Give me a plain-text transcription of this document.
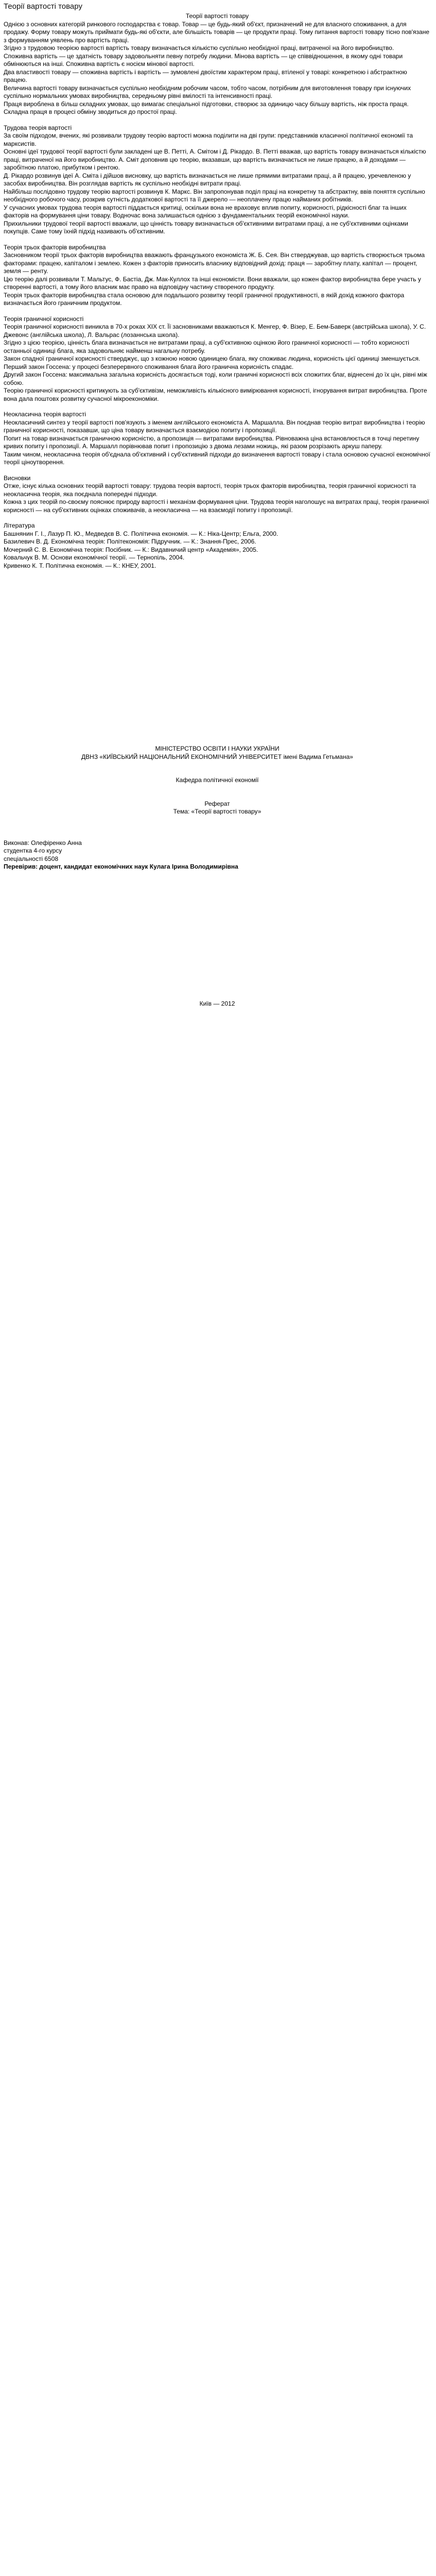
Теорії вартості товару

Теорії вартості товару

Однією з основних категорій ринкового господарства є товар. Товар — це будь-який об'єкт, призначений не для власного споживання, а для продажу. Форму товару можуть приймати будь-які об'єкти, але більшість товарів — це продукти праці. Тому питання вартості товару тісно пов'язане з формуванням уявлень про вартість праці.

Згідно з трудовою теорією вартості вартість товару визначається кількістю суспільно необхідної праці, витраченої на його виробництво.

Споживна вартість — це здатність товару задовольняти певну потребу людини. Мінова вартість — це співвідношення, в якому одні товари обмінюються на інші. Споживна вартість є носієм мінової вартості.

Два властивості товару — споживна вартість і вартість — зумовлені двоїстим характером праці, втіленої у товарі: конкретною і абстрактною працею.

Величина вартості товару визначається суспільно необхідним робочим часом, тобто часом, потрібним для виготовлення товару при існуючих суспільно нормальних умовах виробництва, середньому рівні вмілості та інтенсивності праці.

Праця вироблена в більш складних умовах, що вимагає спеціальної підготовки, створює за одиницю часу більшу вартість, ніж проста праця. Складна праця в процесі обміну зводиться до простої праці.

Трудова теорія вартості

За своїм підходом, вчених, які розвивали трудову теорію вартості можна поділити на дві групи: представників класичної політичної економії та марксистів.

Основні ідеї трудової теорії вартості були закладені ще В. Петті, А. Смітом і Д. Рікардо. В. Петті вважав, що вартість товару визначається кількістю праці, витраченої на його виробництво. А. Сміт доповнив цю теорію, вказавши, що вартість визначається не лише працею, а й доходами — заробітною платою, прибутком і рентою.

Д. Рікардо розвинув ідеї А. Сміта і дійшов висновку, що вартість визначається не лише прямими витратами праці, а й працею, уречевленою у засобах виробництва. Він розглядав вартість як суспільно необхідні витрати праці.

Найбільш послідовно трудову теорію вартості розвинув К. Маркс. Він запропонував поділ праці на конкретну та абстрактну, ввів поняття суспільно необхідного робочого часу, розкрив сутність додаткової вартості та її джерело — неоплачену працю найманих робітників.

У сучасних умовах трудова теорія вартості піддається критиці, оскільки вона не враховує вплив попиту, корисності, рідкісності благ та інших факторів на формування ціни товару. Водночас вона залишається однією з фундаментальних теорій економічної науки.

Прихильники трудової теорії вартості вважали, що цінність товару визначається об'єктивними витратами праці, а не суб'єктивними оцінками покупців. Саме тому їхній підхід називають об'єктивним.

Теорія трьох факторів виробництва

Засновником теорії трьох факторів виробництва вважають французького економіста Ж. Б. Сея. Він стверджував, що вартість створюється трьома факторами: працею, капіталом і землею. Кожен з факторів приносить власнику відповідний дохід: праця — заробітну плату, капітал — процент, земля — ренту.

Цю теорію далі розвивали Т. Мальтус, Ф. Бастіа, Дж. Мак-Куллох та інші економісти. Вони вважали, що кожен фактор виробництва бере участь у створенні вартості, а тому його власник має право на відповідну частину створеного продукту.

Теорія трьох факторів виробництва стала основою для подальшого розвитку теорії граничної продуктивності, в якій дохід кожного фактора визначається його граничним продуктом.

Теорія граничної корисності

Теорія граничної корисності виникла в 70-х роках XIX ст. Її засновниками вважаються К. Менгер, Ф. Візер, Е. Бем-Баверк (австрійська школа), У. С. Джевонс (англійська школа), Л. Вальрас (лозаннська школа).

Згідно з цією теорією, цінність блага визначається не витратами праці, а суб'єктивною оцінкою його граничної корисності — тобто корисності останньої одиниці блага, яка задовольняє найменш нагальну потребу.

Закон спадної граничної корисності стверджує, що з кожною новою одиницею блага, яку споживає людина, корисність цієї одиниці зменшується. Перший закон Госсена: у процесі безперервного споживання блага його гранична корисність спадає.

Другий закон Госсена: максимальна загальна корисність досягається тоді, коли граничні корисності всіх спожитих благ, віднесені до їх цін, рівні між собою.

Теорію граничної корисності критикують за суб'єктивізм, неможливість кількісного вимірювання корисності, ігнорування витрат виробництва. Проте вона дала поштовх розвитку сучасної мікроекономіки.

Неокласична теорія вартості

Неокласичний синтез у теорії вартості пов'язують з іменем англійського економіста А. Маршалла. Він поєднав теорію витрат виробництва і теорію граничної корисності, показавши, що ціна товару визначається взаємодією попиту і пропозиції.

Попит на товар визначається граничною корисністю, а пропозиція — витратами виробництва. Рівноважна ціна встановлюється в точці перетину кривих попиту і пропозиції. А. Маршалл порівнював попит і пропозицію з двома лезами ножиць, які разом розрізають аркуш паперу.

Таким чином, неокласична теорія об'єднала об'єктивний і суб'єктивний підходи до визначення вартості товару і стала основою сучасної економічної теорії ціноутворення.

Висновки

Отже, існує кілька основних теорій вартості товару: трудова теорія вартості, теорія трьох факторів виробництва, теорія граничної корисності та неокласична теорія, яка поєднала попередні підходи.

Кожна з цих теорій по-своєму пояснює природу вартості і механізм формування ціни. Трудова теорія наголошує на витратах праці, теорія граничної корисності — на суб'єктивних оцінках споживачів, а неокласична — на взаємодії попиту і пропозиції.

Література

Башнянин Г. І., Лазур П. Ю., Медведєв В. С. Політична економія. — К.: Ніка-Центр; Ельга, 2000.

Базилевич В. Д. Економічна теорія: Політекономія: Підручник. — К.: Знання-Прес, 2006.

Мочерний С. В. Економічна теорія: Посібник. — К.: Видавничий центр «Академія», 2005.

Ковальчук В. М. Основи економічної теорії. — Тернопіль, 2004.

Кривенко К. Т. Політична економія. — К.: КНЕУ, 2001.

МІНІСТЕРСТВО ОСВІТИ І НАУКИ УКРАЇНИ

ДВНЗ «КИЇВСЬКИЙ НАЦІОНАЛЬНИЙ ЕКОНОМІЧНИЙ УНІВЕРСИТЕТ імені Вадима Гетьмана»

Кафедра політичної економії

Реферат

Тема: «Теорії вартості товару»

Виконав: Олефіренко Анна

студентка 4-го курсу

спеціальності 6508

Перевірив: доцент, кандидат економічних наук Кулага Ірина Володимирівна

Київ — 2012
